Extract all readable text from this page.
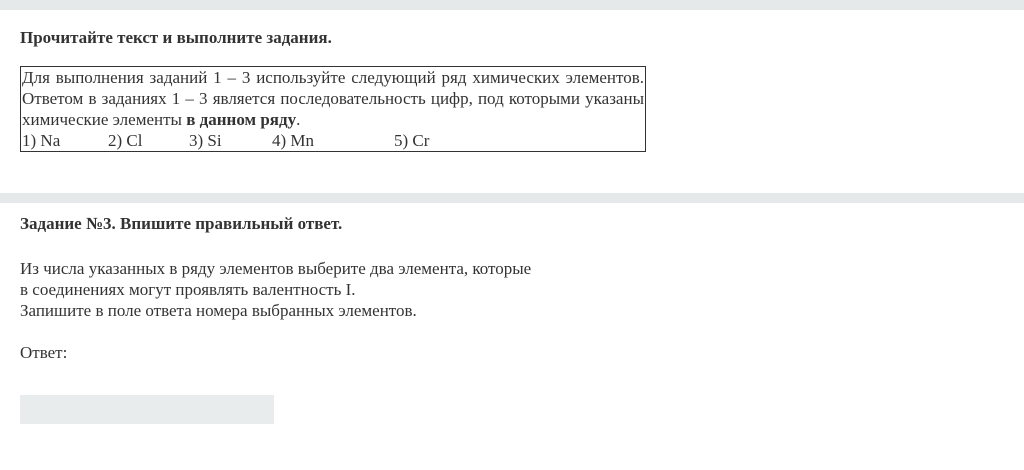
Прочитайте текст и выполните задания.

Для выполнения заданий 1 – 3 используйте следующий ряд химических элементов. Ответом в заданиях 1 – 3 является последовательность цифр, под которыми указаны химические элементы в данном ряду.

1) Na	2) Cl	3) Si	4) Mn	5) Cr
Задание №3. Впишите правильный ответ.
Из числа указанных в ряду элементов выберите два элемента, которые
в соединениях могут проявлять валентность I.
Запишите в поле ответа номера выбранных элементов.
Ответ:
